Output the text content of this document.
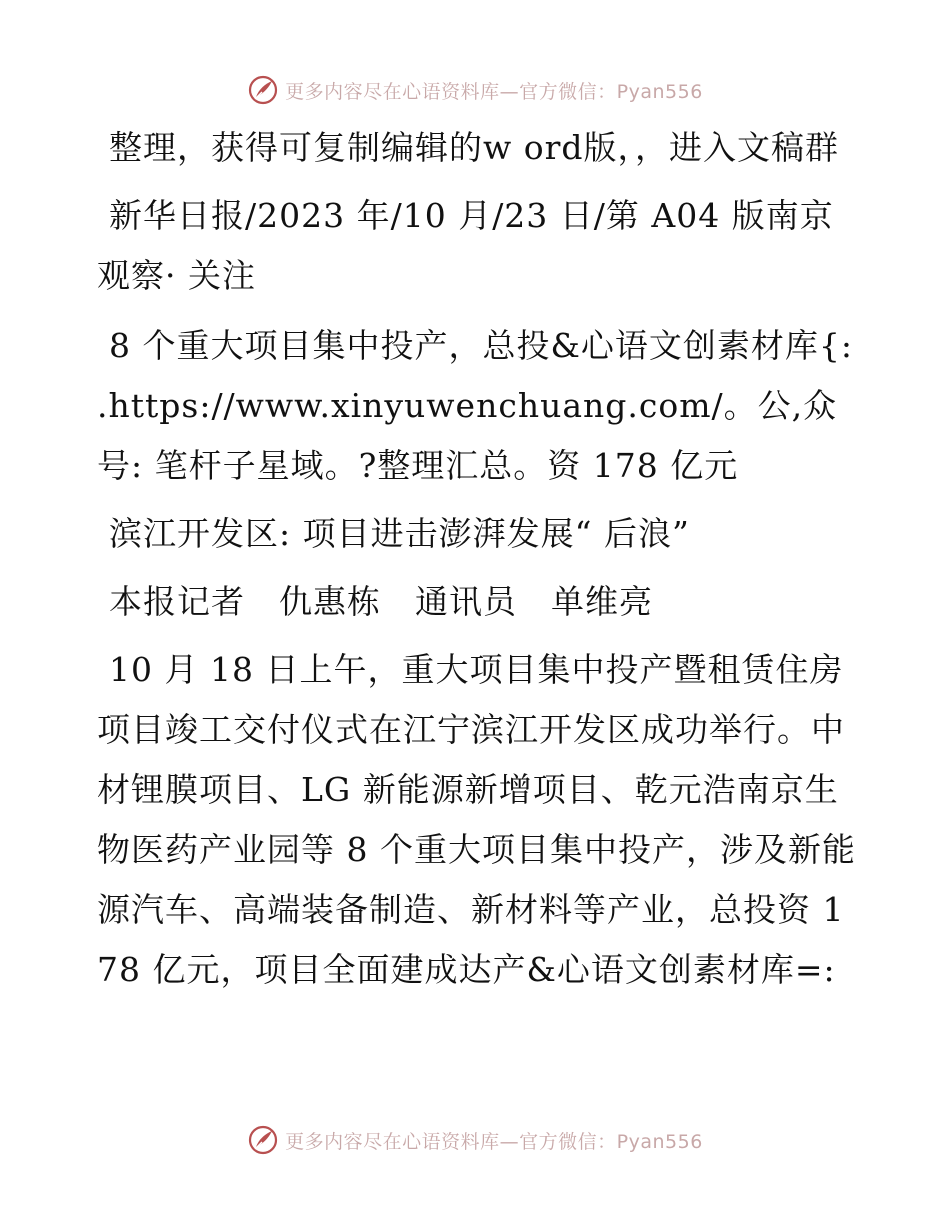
更多内容尽在心语资料库—官方微信：Pyan556

整理，获得可复制编辑的w ord版，，进入文稿群

新华日报/2023 年/10 月/23 日/第 A04 版南京观察· 关注

8 个重大项目集中投产，总投&心语文创素材库{: .https://www.xinyuwenchuang.com/。公,众号: 笔杆子星域。?整理汇总。资 178 亿元

滨江开发区: 项目进击澎湃发展“ 后浪”

本报记者　仇惠栋　通讯员　单维亮

10 月 18 日上午，重大项目集中投产暨租赁住房项目竣工交付仪式在江宁滨江开发区成功举行。中材锂膜项目、LG 新能源新增项目、乾元浩南京生物医药产业园等 8 个重大项目集中投产，涉及新能源汽车、高端装备制造、新材料等产业，总投资 178 亿元，项目全面建成达产&心语文创素材库=:

更多内容尽在心语资料库—官方微信：Pyan556
